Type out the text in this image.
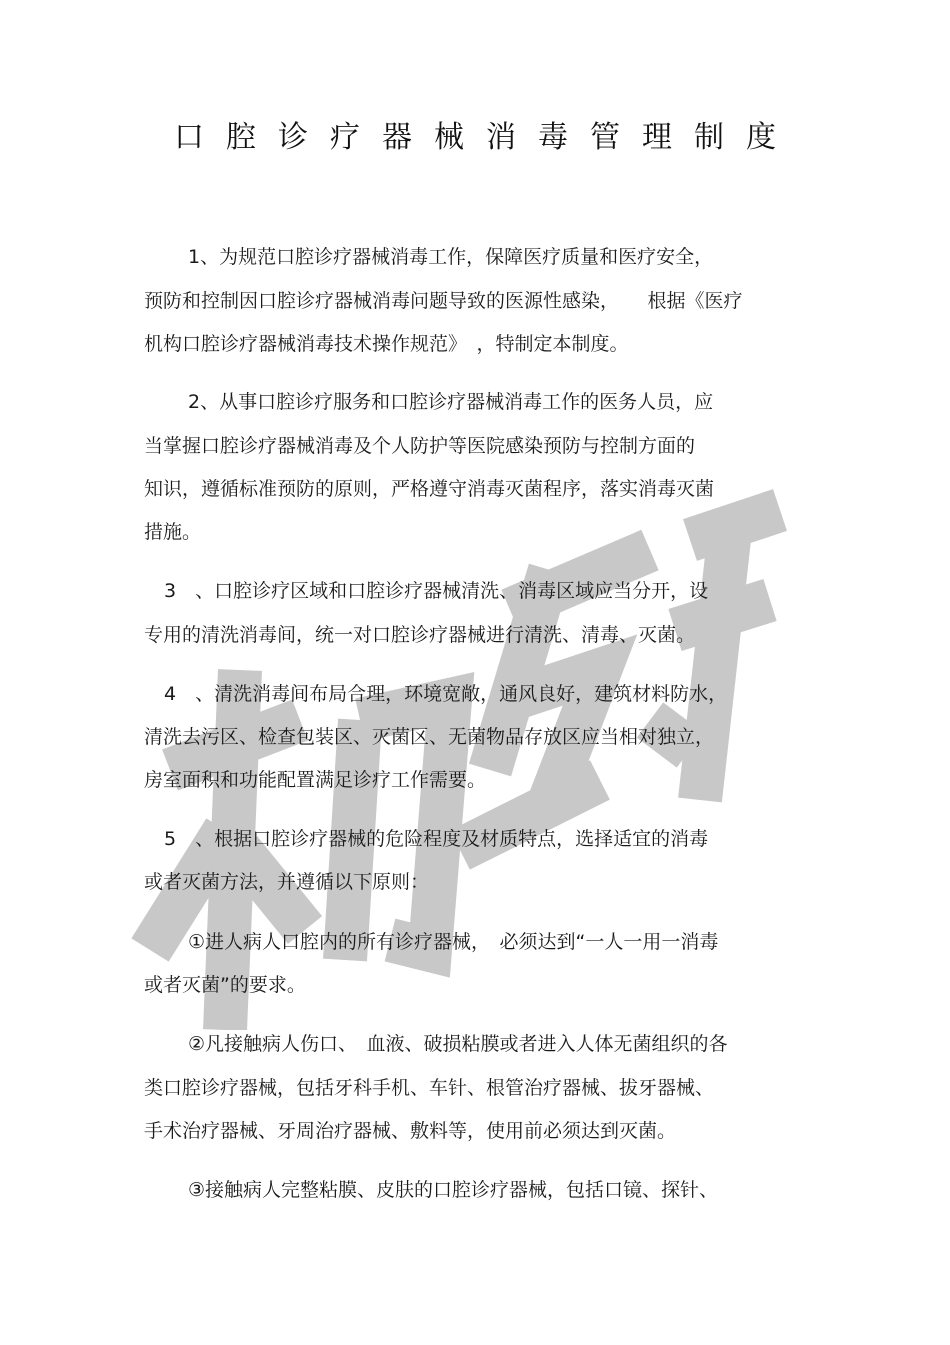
口腔诊疗器械消毒管理制度
1、为规范口腔诊疗器械消毒工作，保障医疗质量和医疗安全，
预防和控制因口腔诊疗器械消毒问题导致的医源性感染，　　根据《医疗
机构口腔诊疗器械消毒技术操作规范》　，特制定本制度。
2、从事口腔诊疗服务和口腔诊疗器械消毒工作的医务人员，应
当掌握口腔诊疗器械消毒及个人防护等医院感染预防与控制方面的
知识，遵循标准预防的原则，严格遵守消毒灭菌程序，落实消毒灭菌
措施。
3　、口腔诊疗区域和口腔诊疗器械清洗、消毒区域应当分开，设
专用的清洗消毒间，统一对口腔诊疗器械进行清洗、清毒、灭菌。
4　、清洗消毒间布局合理，环境宽敞，通风良好，建筑材料防水，
清洗去污区、检查包装区、灭菌区、无菌物品存放区应当相对独立，
房室面积和功能配置满足诊疗工作需要。
5　、根据口腔诊疗器械的危险程度及材质特点，选择适宜的消毒
或者灭菌方法，并遵循以下原则：
①进人病人口腔内的所有诊疗器械，　必须达到“一人一用一消毒
或者灭菌”的要求。
②凡接触病人伤口、　血液、破损粘膜或者进入人体无菌组织的各
类口腔诊疗器械，包括牙科手机、车针、根管治疗器械、拔牙器械、
手术治疗器械、牙周治疗器械、敷料等，使用前必须达到灭菌。
③接触病人完整粘膜、皮肤的口腔诊疗器械，包括口镜、探针、
